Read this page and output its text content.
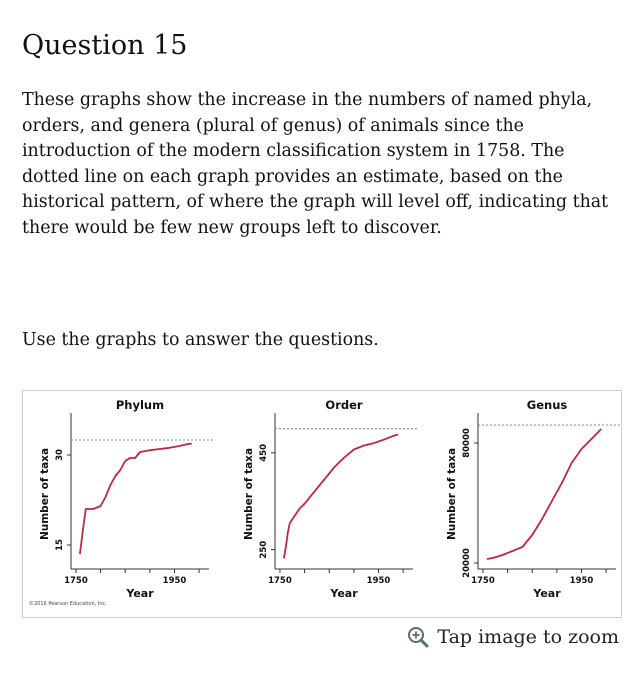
Question 15

These graphs show the increase in the numbers of named phyla, orders, and genera (plural of genus) of animals since the introduction of the modern classification system in 1758. The dotted line on each graph provides an estimate, based on the historical pattern, of where the graph will level off, indicating that there would be few new groups left to discover.

Use the graphs to answer the questions.

Phylum
1750	1950
15
30
Number of taxa
Year
Order
1750	1950
250
450
Number of taxa
Year
Genus
1750	1950
20000
80000
Number of taxa
Year
©2016 Pearson Education, Inc.
Tap image to zoom
